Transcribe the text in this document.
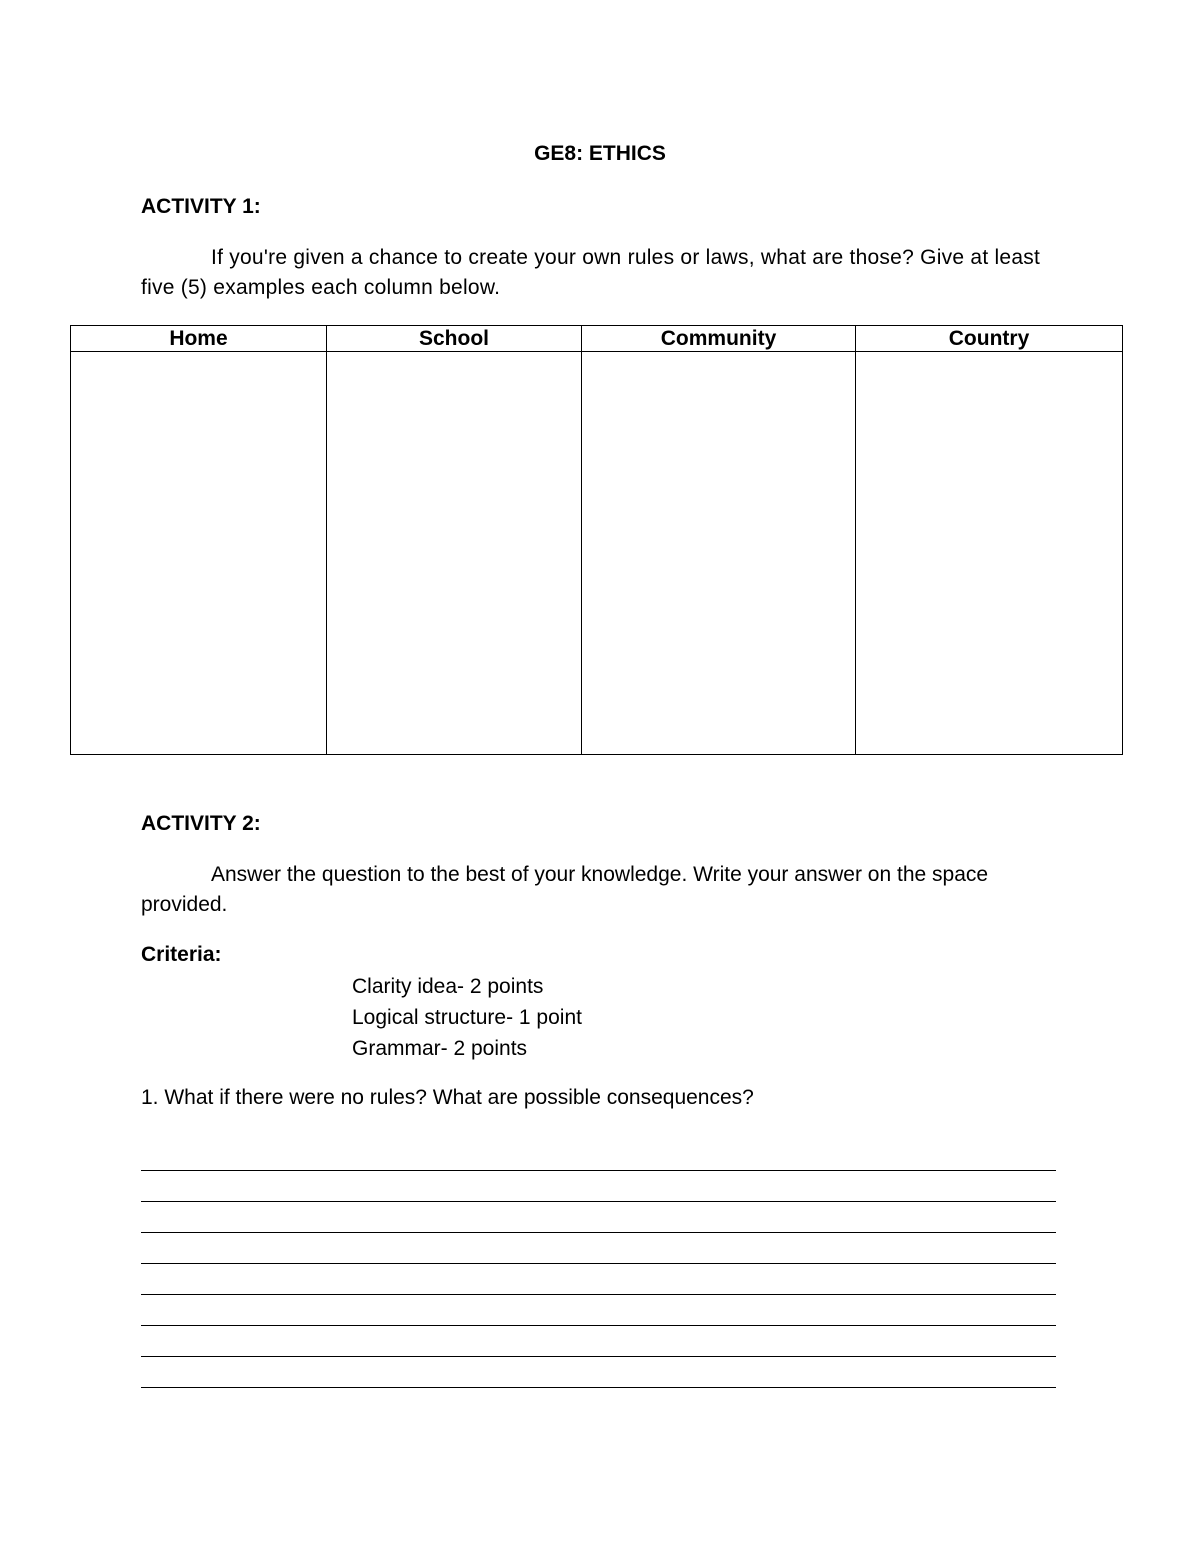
GE8: ETHICS
ACTIVITY 1:
If you're given a chance to create your own rules or laws, what are those? Give at least five (5) examples each column below.
Home	School	Community	Country

ACTIVITY 2:
Answer the question to the best of your knowledge. Write your answer on the space provided.
Criteria:
Clarity idea- 2 points
Logical structure- 1 point
Grammar- 2 points
1. What if there were no rules? What are possible consequences?
